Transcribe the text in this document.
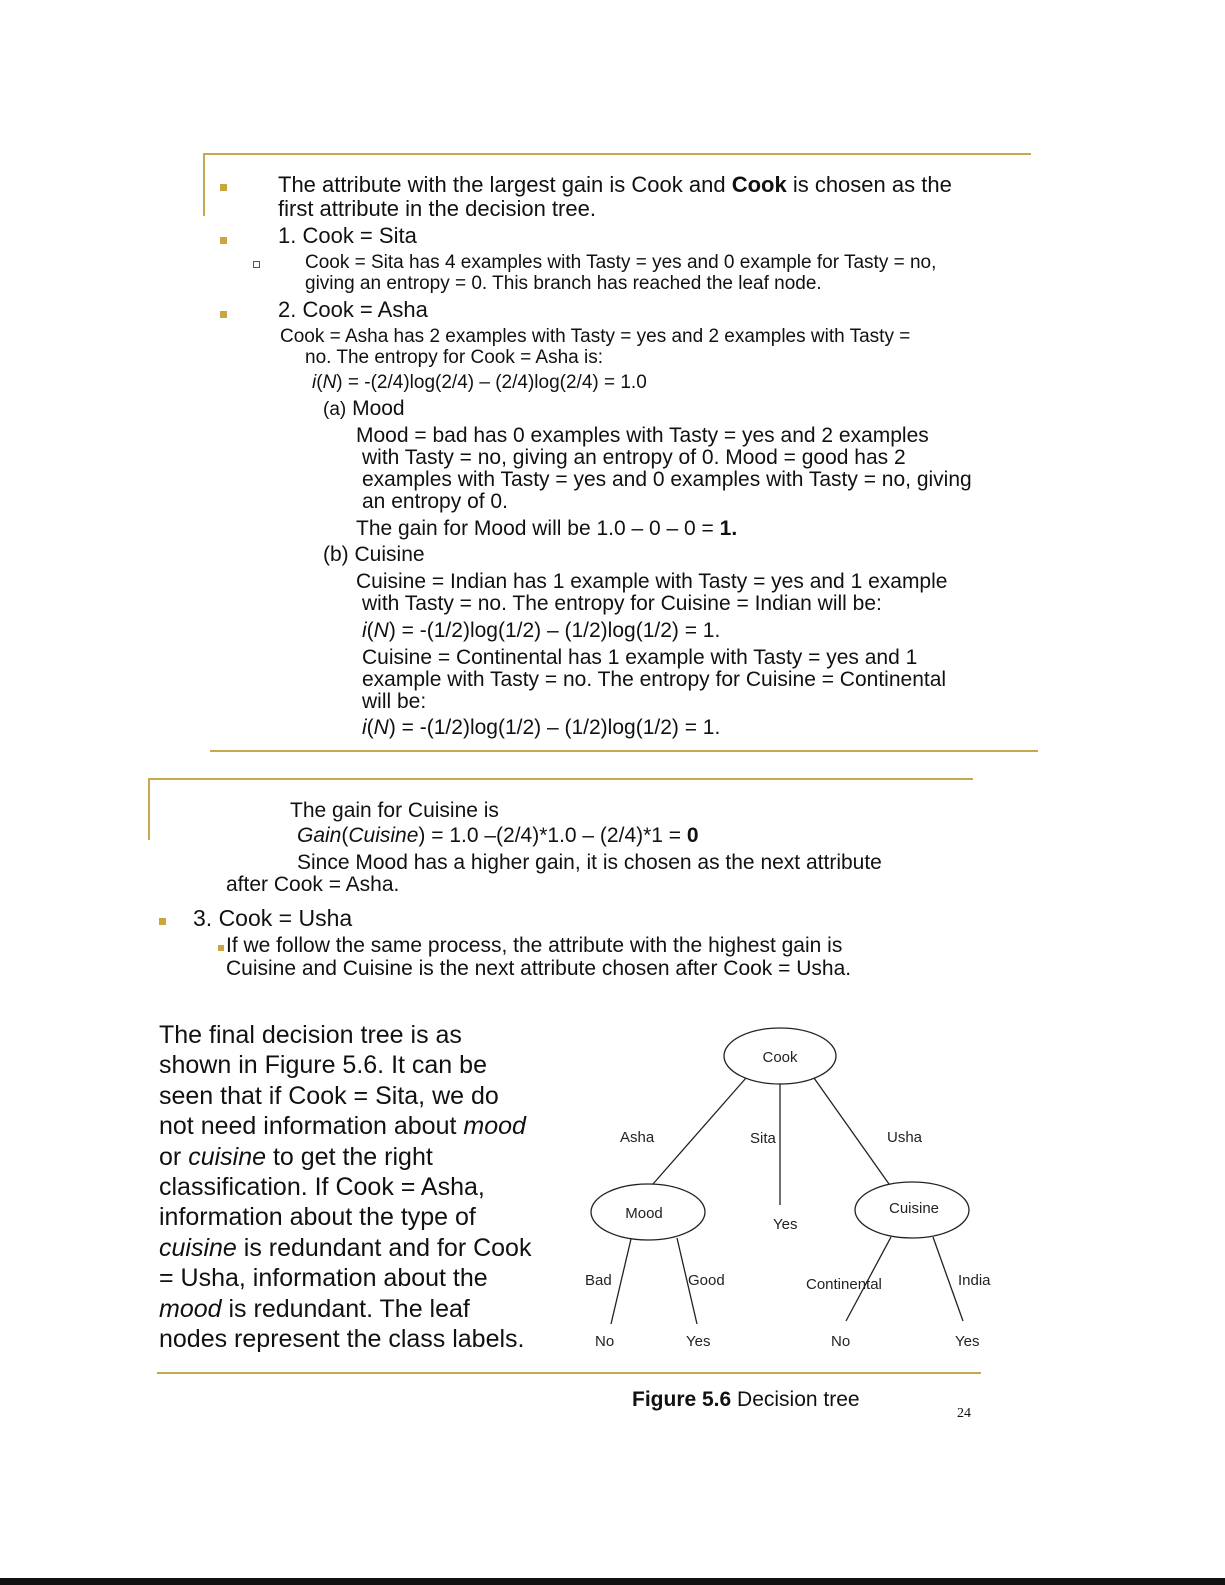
The attribute with the largest gain is Cook and Cook is chosen as the
first attribute in the decision tree.
1. Cook = Sita
Cook = Sita has 4 examples with Tasty = yes and 0 example for Tasty = no,
giving an entropy = 0. This branch has reached the leaf node.
2. Cook = Asha
Cook = Asha has 2 examples with Tasty = yes and 2 examples with Tasty =
no. The entropy for Cook = Asha is:
i(N) = -(2/4)log(2/4) – (2/4)log(2/4) = 1.0
(a) Mood
Mood = bad has 0 examples with Tasty = yes and 2 examples
with Tasty = no, giving an entropy of 0. Mood = good has 2
examples with Tasty = yes and 0 examples with Tasty = no, giving
an entropy of 0.
The gain for Mood will be 1.0 – 0 – 0 = 1.
(b) Cuisine
Cuisine = Indian has 1 example with Tasty = yes and 1 example
with Tasty = no. The entropy for Cuisine = Indian will be:
i(N) = -(1/2)log(1/2) – (1/2)log(1/2) = 1.
Cuisine = Continental has 1 example with Tasty = yes and 1
example with Tasty = no. The entropy for Cuisine = Continental
will be:
i(N) = -(1/2)log(1/2) – (1/2)log(1/2) = 1.
The gain for Cuisine is
Gain(Cuisine) = 1.0 –(2/4)*1.0 – (2/4)*1 = 0
Since Mood has a higher gain, it is chosen as the next attribute
after Cook = Asha.
3. Cook = Usha
If we follow the same process, the attribute with the highest gain is
Cuisine and Cuisine is the next attribute chosen after Cook = Usha.
The final decision tree is as
shown in Figure 5.6. It can be
seen that if Cook = Sita, we do
not need information about mood
or cuisine to get the right
classification. If Cook = Asha,
information about the type of
cuisine is redundant and for Cook
= Usha, information about the
mood is redundant. The leaf
nodes represent the class labels.
Cook
Mood	Cuisine
Asha	Sita	Usha
Yes
Bad	Good	Continental	India
No	Yes	No	Yes
Figure 5.6 Decision tree
24
